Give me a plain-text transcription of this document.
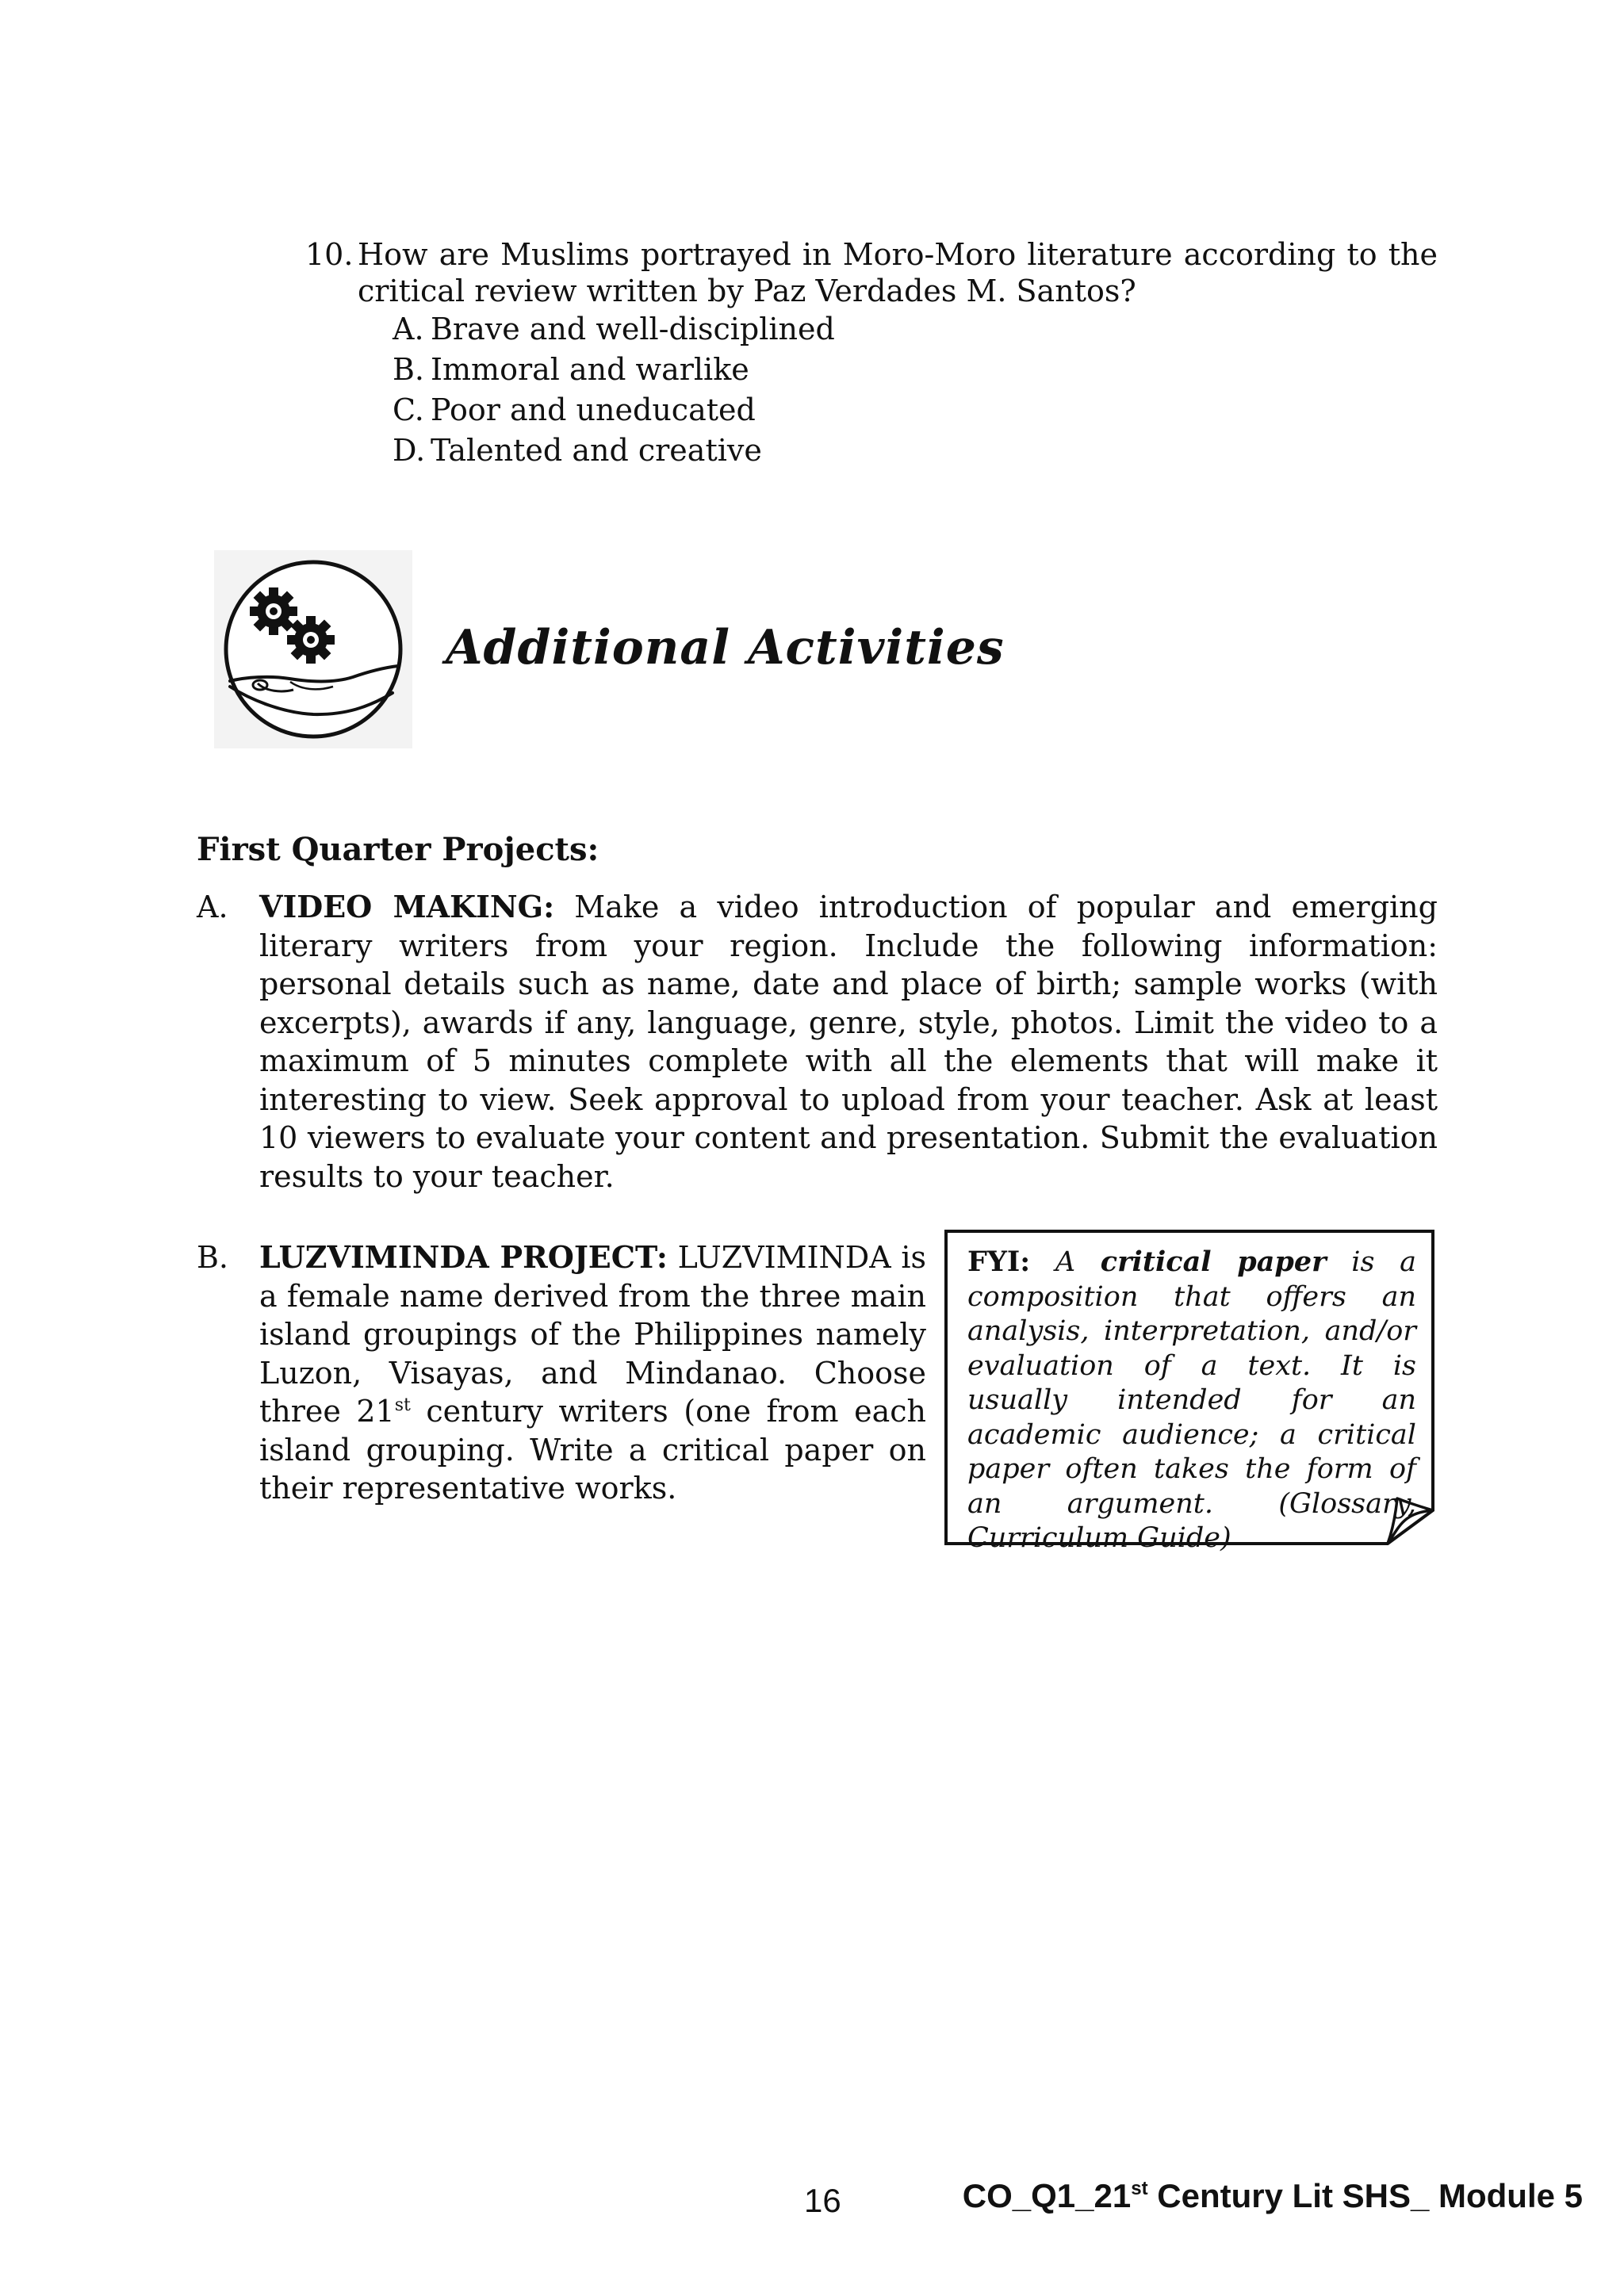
10. How are Muslims portrayed in Moro-Moro literature according to the critical review written by Paz Verdades M. Santos?
A. Brave and well-disciplined
B. Immoral and warlike
C. Poor and uneducated
D. Talented and creative
Additional Activities
First Quarter Projects:
A. VIDEO MAKING: Make a video introduction of popular and emerging literary writers from your region. Include the following information: personal details such as name, date and place of birth; sample works (with excerpts), awards if any, language, genre, style, photos. Limit the video to a maximum of 5 minutes complete with all the elements that will make it interesting to view. Seek approval to upload from your teacher. Ask at least 10 viewers to evaluate your content and presentation. Submit the evaluation results to your teacher.
B. LUZVIMINDA PROJECT: LUZVIMINDA is a female name derived from the three main island groupings of the Philippines namely Luzon, Visayas, and Mindanao. Choose three 21st century writers (one from each island grouping. Write a critical paper on their representative works.
FYI: A critical paper is a composition that offers an analysis, interpretation, and/or evaluation of a text. It is usually intended for an academic audience; a critical paper often takes the form of an argument. (Glossary, Curriculum Guide)
16	CO_Q1_21st Century Lit SHS_ Module 5
